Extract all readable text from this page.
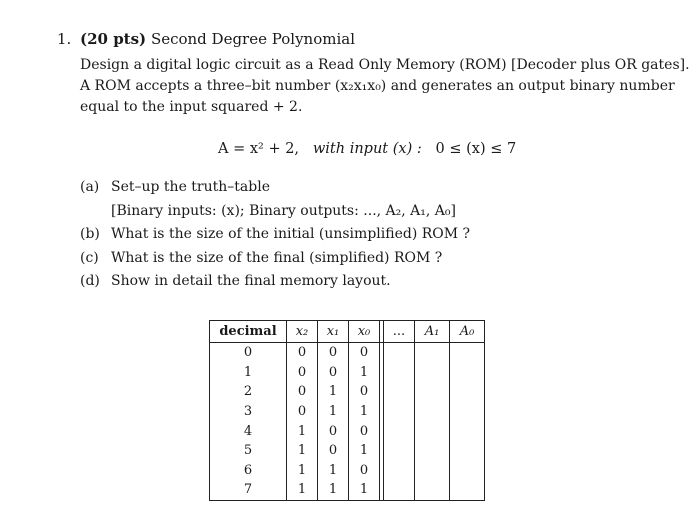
1. (20 pts) Second Degree Polynomial
Design a digital logic circuit as a Read Only Memory (ROM) [Decoder plus OR gates].
A ROM accepts a three–bit number (x₂x₁x₀) and generates an output binary number
equal to the input squared + 2.
A = x² + 2, with input (x) : 0 ≤ (x) ≤ 7
(a) Set–up the truth–table
[Binary inputs: (x); Binary outputs: ..., A₂, A₁, A₀]
(b) What is the size of the initial (unsimplified) ROM ?
(c) What is the size of the final (simplified) ROM ?
(d) Show in detail the final memory layout.
decimal	x₂	x₁	x₀		...	A₁	A₀
0	0	0	0				
1	0	0	1				
2	0	1	0				
3	0	1	1				
4	1	0	0				
5	1	0	1				
6	1	1	0				
7	1	1	1				
